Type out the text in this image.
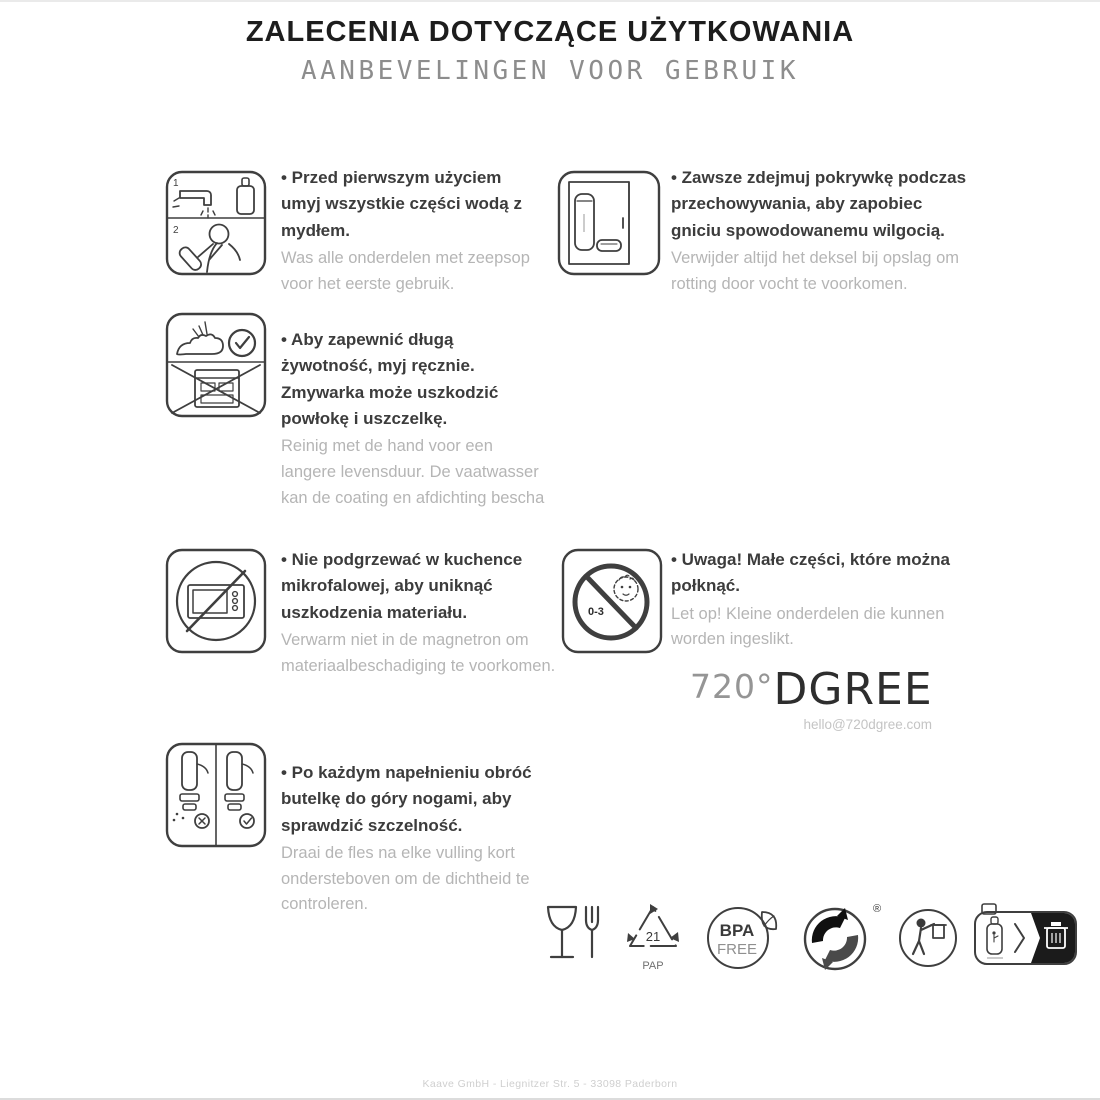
ZALECENIA DOTYCZĄCE UŻYTKOWANIA
AANBEVELINGEN VOOR GEBRUIK
1
2

• Przed pierwszym użyciem umyj wszystkie części wodą z mydłem.

Was alle onderdelen met zeepsop voor het eerste gebruik.

• Aby zapewnić długą żywotność, myj ręcznie. Zmywarka może uszkodzić powłokę i uszczelkę.

Reinig met de hand voor een langere levensduur. De vaatwasser kan de coating en afdichting bescha

• Nie podgrzewać w kuchence mikrofalowej, aby uniknąć uszkodzenia materiału.

Verwarm niet in de magnetron om materiaalbeschadiging te voorkomen.

• Po każdym napełnieniu obróć butelkę do góry nogami, aby sprawdzić szczelność.

Draai de fles na elke vulling kort ondersteboven om de dichtheid te controleren.

• Zawsze zdejmuj pokrywkę podczas przechowywania, aby zapobiec gniciu spowodowanemu wilgocią.

Verwijder altijd het deksel bij opslag om rotting door vocht te voorkomen.

0-3

• Uwaga! Małe części, które można połknąć.

Let op! Kleine onderdelen die kunnen worden ingeslikt.

720°DGREE
hello@720dgree.com
21
PAP
BPA
FREE
®
Kaave GmbH - Liegnitzer Str. 5 - 33098 Paderborn
